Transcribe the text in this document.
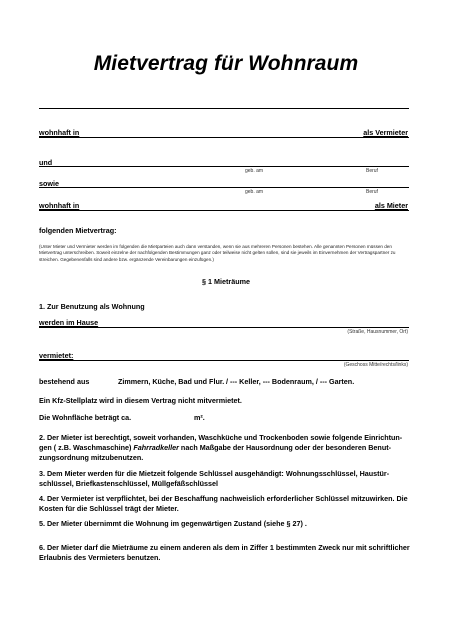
Mietvertrag für Wohnraum
wohnhaft in	als Vermieter
und
geb. am	Beruf
sowie
geb. am	Beruf
wohnhaft in	als Mieter
folgenden Mietvertrag:
(Unter Mieter und Vermieter werden im folgenden die Mietparteien auch dann verstanden, wenn sie aus mehreren Personen bestehen. Alle genannten Personen müssen den Mietvertrag unterschreiben. Soweit einzelne der nachfolgenden Bestimmungen ganz oder teilweise nicht gelten sollen, sind sie jeweils im Einvernehmen der Vertragspartner zu streichen. Gegebenenfalls sind andere bzw. ergänzende Vereinbarungen einzufügen.)
§ 1 Mieträume
1. Zur Benutzung als Wohnung
werden im Hause
(Straße, Hausnummer, Ort)
vermietet:
(Geschoss Mitte/rechts/links)
bestehend aus	Zimmern, Küche, Bad und Flur. / --- Keller, --- Bodenraum, / --- Garten.
Ein Kfz-Stellplatz wird in diesem Vertrag nicht mitvermietet.
Die Wohnfläche beträgt ca.	m².
2. Der Mieter ist berechtigt, soweit vorhanden, Waschküche und Trockenboden sowie folgende Einrichtun-gen ( z.B. Waschmaschine) Fahrradkeller nach Maßgabe der Hausordnung oder der besonderen Benut-zungsordnung mitzubenutzen.
3. Dem Mieter werden für die Mietzeit folgende Schlüssel ausgehändigt: Wohnungsschlüssel, Haustür-schlüssel, Briefkastenschlüssel, Müllgefäßschlüssel
4. Der Vermieter ist verpflichtet, bei der Beschaffung nachweislich erforderlicher Schlüssel mitzuwirken. Die Kosten für die Schlüssel trägt der Mieter.
5. Der Mieter übernimmt die Wohnung im gegenwärtigen Zustand (siehe § 27) .
6. Der Mieter darf die Mieträume zu einem anderen als dem in Ziffer 1 bestimmten Zweck nur mit schriftlicher Erlaubnis des Vermieters benutzen.
